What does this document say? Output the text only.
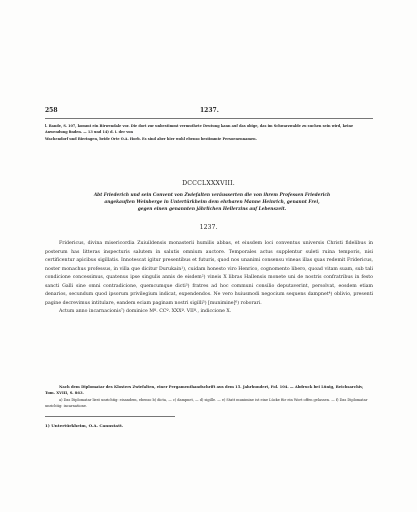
258	1237.

l. Bande, S. 107, kommt ein Birwendale vor. Die dort zur unbestimmt vermuthete Deutung kann auf das obige, das im Schwarzwalde zu suchen sein wird, keine Anwendung finden. — 13 und 14) d. i. der von

Wachendorf und Bieringen, beide Orte O.A. Horb. Es sind aber hier wohl ebenso bestimmte Persoenennamen.

DCCCLXXXVIII.

Abt Friederich und sein Convent von Zwiefalten veräusserten die von ihrem Professen Friederich

angekauften Weinberge in Untertürkheim dem ehrbaren Manne Heinrich, genannt Frei,

gegen einen genannten jährlichen Hellerzins auf Lebenszeit.

1237.

Fridericus, divina misericordia Zuiuildensis monasterii humilis abbas, et eiusdem loci conventus universis Christi fidelibus in posterum has litteras inspecturis salutem in salutis omnium auctore. Temporales actus supplentur suleti ruina temporis, nisi certificentur apicibus sigillatis. Innotescat igitur presentibus et futuris, quod nos unanimi consensu vineas illas quas redemit Fridericus, noster monachus professus, in villa que dicitur Durukain¹), cuidam honesto viro Henrico, cognomento libero, quoad vitam suam, sub tali condicione concessimus, quatenus ipse singulis annis de eisdem²) vineis X libras Hallensis monete uni de nostris confratribus in festo sancti Galli sine omni contradicione, quemcumque dicti³) fratres ad hoc communi consilio deputaverint, persolvat, eosdem etiam denarios, secundum quod ipsorum privilegium indicat, expendendos. Ne vero huiusmodi negocium sequens dampnet⁴) oblivio, presenti pagine decrevimus intitulare, eandem eciam paginam nostri sigilli⁵) [munimine]⁶) roborari.

Actum anno incarnacionis⁷) dominice Mº. CCº. XXXº. VIIº., indiccione X.

Nach dem Diplomatar des Klosters Zwiefalten, einer Pergamenthandschrift aus dem 15. Jahrhundert, Fol. 104. — Abdruck bei Lünig, Reichsarchiv, Tom. XVIII, S. 863.

a) Das Diplomatar liest unrichtig: eisandem, ebenso b) dicta, — c) dampnet, — d) sigille. — e) Statt munimine ist eine Lücke für ein Wort offen gelassen. — f) Das Diplomatar unrichtig: incarnatione.

1) Untertürkheim, O.A. Cannstatt.
